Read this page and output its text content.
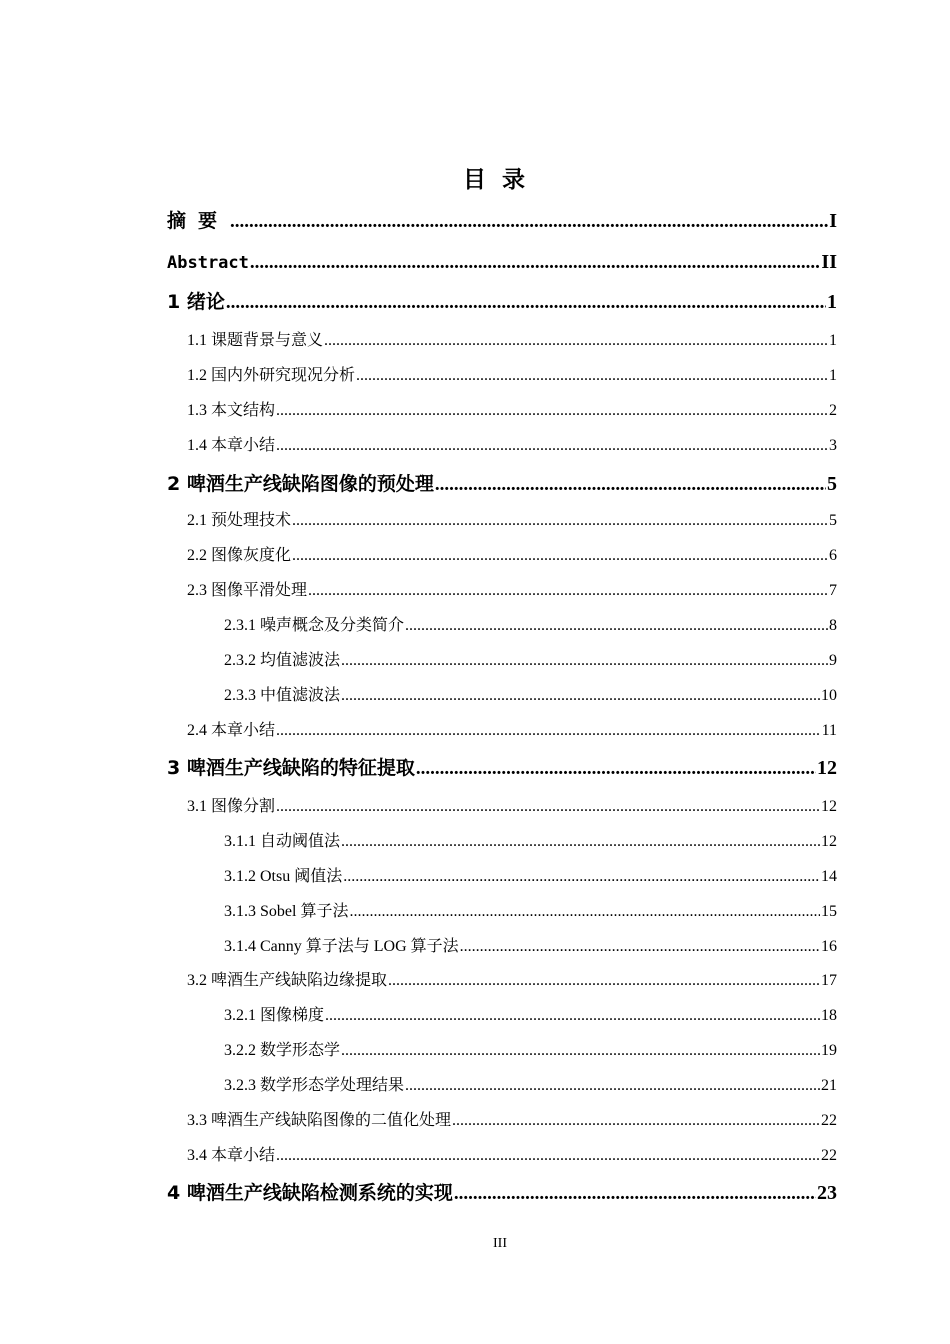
目录
摘要 .....	I
Abstract .....	II
1 绪论 .....	1
1.1 课题背景与意义 .....	1
1.2 国内外研究现况分析 .....	1
1.3 本文结构 .....	2
1.4 本章小结 .....	3
2 啤酒生产线缺陷图像的预处理 .....	5
2.1 预处理技术 .....	5
2.2 图像灰度化 .....	6
2.3 图像平滑处理 .....	7
2.3.1 噪声概念及分类简介 .....	8
2.3.2 均值滤波法 .....	9
2.3.3 中值滤波法 .....	10
2.4 本章小结 .....	11
3 啤酒生产线缺陷的特征提取 .....	12
3.1 图像分割 .....	12
3.1.1 自动阈值法 .....	12
3.1.2 Otsu 阈值法 .....	14
3.1.3 Sobel 算子法 .....	15
3.1.4 Canny 算子法与 LOG 算子法 .....	16
3.2 啤酒生产线缺陷边缘提取 .....	17
3.2.1 图像梯度 .....	18
3.2.2 数学形态学 .....	19
3.2.3 数学形态学处理结果 .....	21
3.3 啤酒生产线缺陷图像的二值化处理 .....	22
3.4 本章小结 .....	22
4 啤酒生产线缺陷检测系统的实现 .....	23
III
